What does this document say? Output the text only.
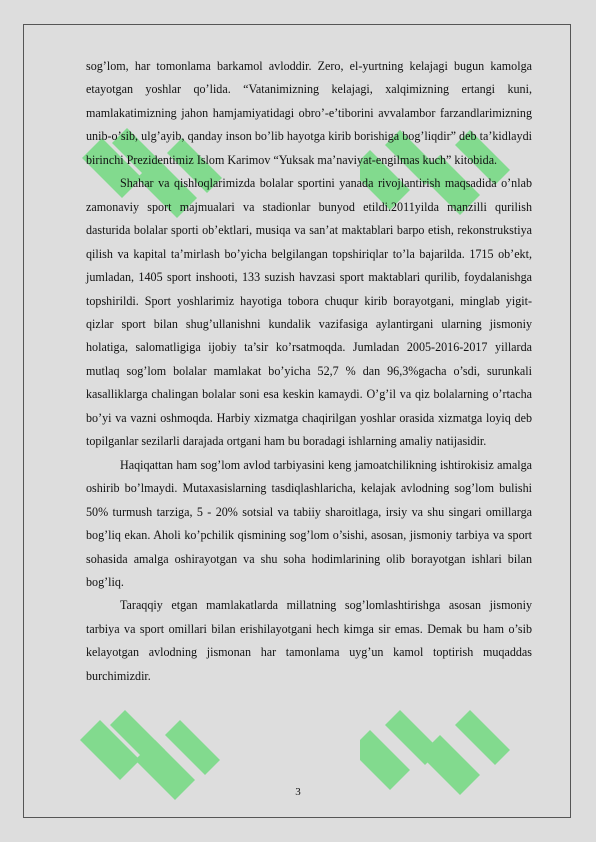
sog’lom, har tomonlama barkamol avloddir. Zero, el-yurtning kelajagi bugun kamolga etayotgan yoshlar qo’lida. “Vatanimizning kelajagi, xalqimizning ertangi kuni, mamlakatimizning jahon hamjamiyatidagi obro’-e’tiborini avvalambor farzandlarimizning unib-o’sib, ulg’ayib, qanday inson bo’lib hayotga kirib borishiga bog’liqdir” deb ta’kidlaydi birinchi Prezidentimiz Islom Karimov “Yuksak ma’naviyat-engilmas kuch” kitobida.

Shahar va qishloqlarimizda bolalar sportini yanada rivojlantirish maqsadida o’nlab zamonaviy sport majmualari va stadionlar bunyod etildi.2011yilda manzilli qurilish dasturida bolalar sporti ob’ektlari, musiqa va san’at maktablari barpo etish, rekonstrukstiya qilish va kapital ta’mirlash bo’yicha belgilangan topshiriqlar to’la bajarilda. 1715 ob’ekt, jumladan, 1405 sport inshooti, 133 suzish havzasi sport maktablari qurilib, foydalanishga topshirildi. Sport yoshlarimiz hayotiga tobora chuqur kirib borayotgani, minglab yigit-qizlar sport bilan shug’ullanishni kundalik vazifasiga aylantirgani ularning jismoniy holatiga, salomatligiga ijobiy ta’sir ko’rsatmoqda. Jumladan 2005-2016-2017 yillarda mutlaq sog’lom bolalar mamlakat bo’yicha 52,7 % dan 96,3%gacha o’sdi, surunkali kasalliklarga chalingan bolalar soni esa keskin kamaydi. O’g’il va qiz bolalarning o’rtacha bo’yi va vazni oshmoqda. Harbiy xizmatga chaqirilgan yoshlar orasida xizmatga loyiq deb topilganlar sezilarli darajada ortgani ham bu boradagi ishlarning amaliy natijasidir.

Haqiqattan ham sog’lom avlod tarbiyasini keng jamoatchilikning ishtirokisiz amalga oshirib bo’lmaydi. Mutaxasislarning tasdiqlashlaricha, kelajak avlodning sog’lom bulishi 50% turmush tarziga, 5 - 20% sotsial va tabiiy sharoitlaga, irsiy va shu singari omillarga bog’liq ekan. Aholi ko’pchilik qismining sog’lom o’sishi, asosan, jismoniy tarbiya va sport sohasida amalga oshirayotgan va shu soha hodimlarining olib borayotgan ishlari bilan bog’liq.

Taraqqiy etgan mamlakatlarda millatning sog’lomlashtirishga asosan jismoniy tarbiya va sport omillari bilan erishilayotgani hech kimga sir emas. Demak bu ham o’sib kelayotgan avlodning jismonan har tamonlama uyg’un kamol toptirish muqaddas burchimizdir.

3
